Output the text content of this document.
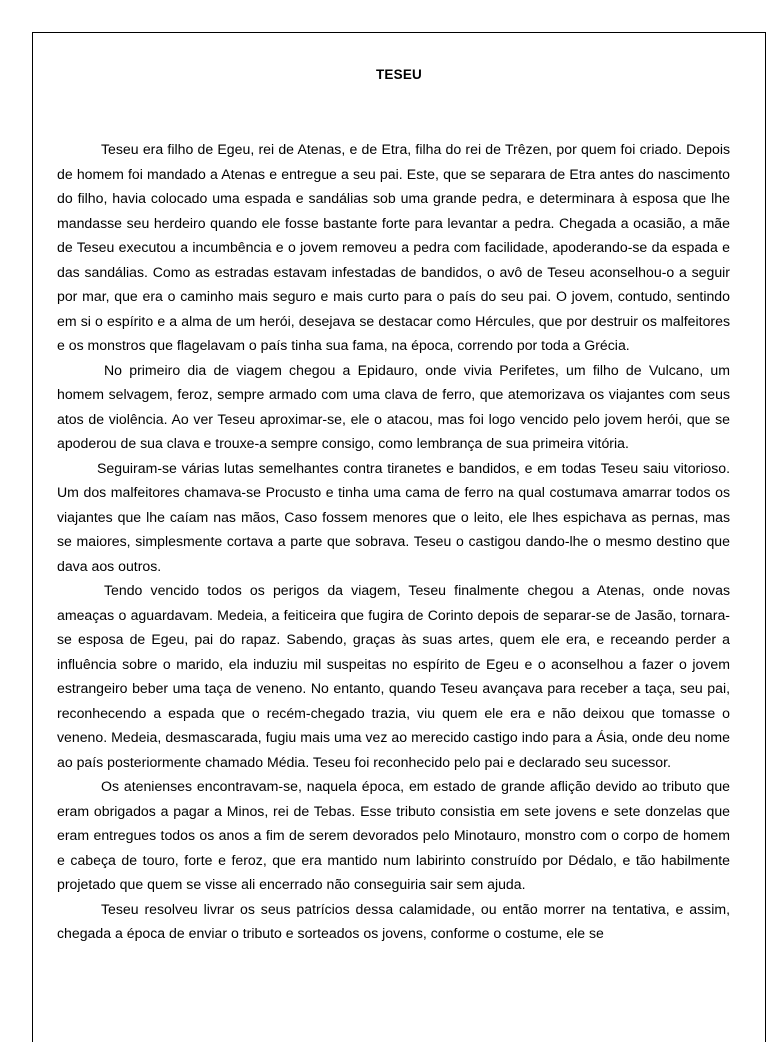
TESEU

Teseu era filho de Egeu, rei de Atenas, e de Etra, filha do rei de Trêzen, por quem foi criado. Depois de homem foi mandado a Atenas e entregue a seu pai. Este, que se separara de Etra antes do nascimento do filho, havia colocado uma espada e sandálias sob uma grande pedra, e determinara à esposa que lhe mandasse seu herdeiro quando ele fosse bastante forte para levantar a pedra. Chegada a ocasião, a mãe de Teseu executou a incumbência e o jovem removeu a pedra com facilidade, apoderando-se da espada e das sandálias. Como as estradas estavam infestadas de bandidos, o avô de Teseu aconselhou-o a seguir por mar, que era o caminho mais seguro e mais curto para o país do seu pai. O jovem, contudo, sentindo em si o espírito e a alma de um herói, desejava se destacar como Hércules, que por destruir os malfeitores e os monstros que flagelavam o país tinha sua fama, na época, correndo por toda a Grécia.

No primeiro dia de viagem chegou a Epidauro, onde vivia Perifetes, um filho de Vulcano, um homem selvagem, feroz, sempre armado com uma clava de ferro, que atemorizava os viajantes com seus atos de violência. Ao ver Teseu aproximar-se, ele o atacou, mas foi logo vencido pelo jovem herói, que se apoderou de sua clava e trouxe-a sempre consigo, como lembrança de sua primeira vitória.

Seguiram-se várias lutas semelhantes contra tiranetes e bandidos, e em todas Teseu saiu vitorioso. Um dos malfeitores chamava-se Procusto e tinha uma cama de ferro na qual costumava amarrar todos os viajantes que lhe caíam nas mãos, Caso fossem menores que o leito, ele lhes espichava as pernas, mas se maiores, simplesmente cortava a parte que sobrava. Teseu o castigou dando-lhe o mesmo destino que dava aos outros.

Tendo vencido todos os perigos da viagem, Teseu finalmente chegou a Atenas, onde novas ameaças o aguardavam. Medeia, a feiticeira que fugira de Corinto depois de separar-se de Jasão, tornara-se esposa de Egeu, pai do rapaz. Sabendo, graças às suas artes, quem ele era, e receando perder a influência sobre o marido, ela induziu mil suspeitas no espírito de Egeu e o aconselhou a fazer o jovem estrangeiro beber uma taça de veneno. No entanto, quando Teseu avançava para receber a taça, seu pai, reconhecendo a espada que o recém-chegado trazia, viu quem ele era e não deixou que tomasse o veneno. Medeia, desmascarada, fugiu mais uma vez ao merecido castigo indo para a Ásia, onde deu nome ao país posteriormente chamado Média. Teseu foi reconhecido pelo pai e declarado seu sucessor.

Os atenienses encontravam-se, naquela época, em estado de grande aflição devido ao tributo que eram obrigados a pagar a Minos, rei de Tebas. Esse tributo consistia em sete jovens e sete donzelas que eram entregues todos os anos a fim de serem devorados pelo Minotauro, monstro com o corpo de homem e cabeça de touro, forte e feroz, que era mantido num labirinto construído por Dédalo, e tão habilmente projetado que quem se visse ali encerrado não conseguiria sair sem ajuda.

Teseu resolveu livrar os seus patrícios dessa calamidade, ou então morrer na tentativa, e assim, chegada a época de enviar o tributo e sorteados os jovens, conforme o costume, ele se
